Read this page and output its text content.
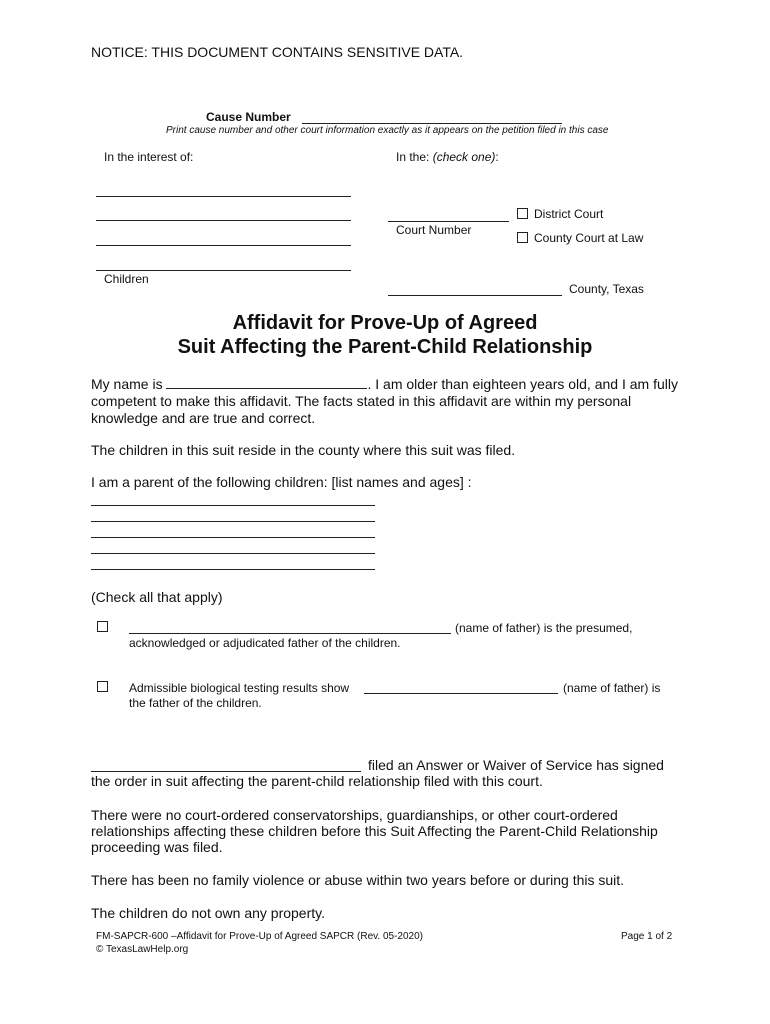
NOTICE: THIS DOCUMENT CONTAINS SENSITIVE DATA.
Cause Number
Print cause number and other court information exactly as it appears on the petition filed in this case
In the interest of:
Children
In the: (check one):
Court Number
District Court
County Court at Law
County, Texas
Affidavit for Prove-Up of Agreed
Suit Affecting the Parent-Child Relationship
My name is	. I am older than eighteen years old, and I am fully
competent to make this affidavit. The facts stated in this affidavit are within my personal
knowledge and are true and correct.
The children in this suit reside in the county where this suit was filed.
I am a parent of the following children: [list names and ages] :
(Check all that apply)
(name of father) is the presumed,
acknowledged or adjudicated father of the children.
Admissible biological testing results show	(name of father) is
the father of the children.
filed an Answer or Waiver of Service has signed
the order in suit affecting the parent-child relationship filed with this court.
There were no court-ordered conservatorships, guardianships, or other court-ordered
relationships affecting these children before this Suit Affecting the Parent-Child Relationship
proceeding was filed.
There has been no family violence or abuse within two years before or during this suit.
The children do not own any property.
FM-SAPCR-600 –Affidavit for Prove-Up of Agreed SAPCR (Rev. 05-2020)
© TexasLawHelp.org
Page 1 of 2
